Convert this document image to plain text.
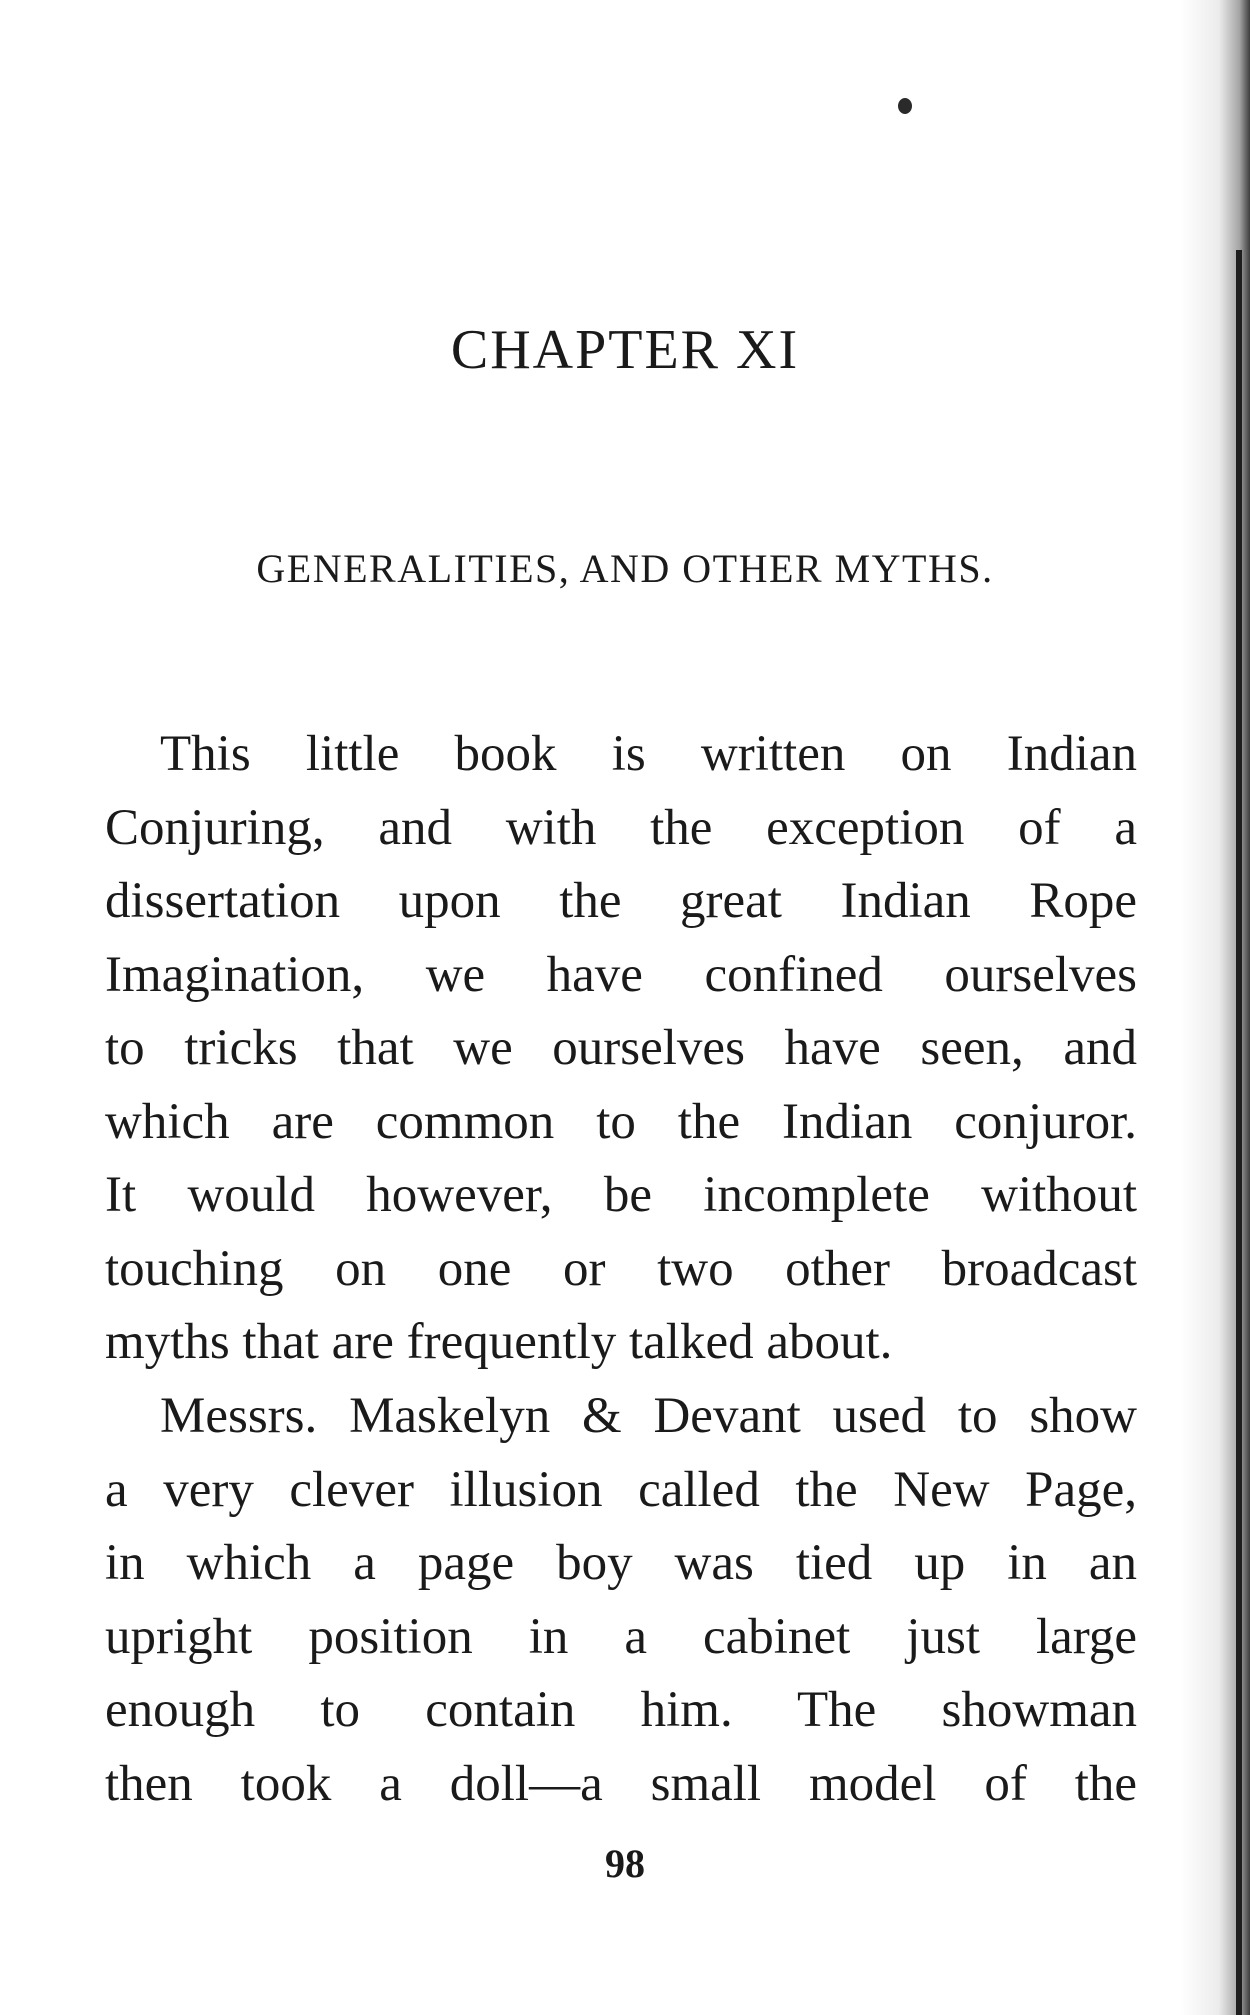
CHAPTER XI
GENERALITIES, AND OTHER MYTHS.
This little book is written on Indian
Conjuring, and with the exception of a
dissertation upon the great Indian Rope
Imagination, we have confined ourselves
to tricks that we ourselves have seen, and
which are common to the Indian conjuror.
It would however, be incomplete without
touching on one or two other broadcast
myths that are frequently talked about.
Messrs. Maskelyn & Devant used to show
a very clever illusion called the New Page,
in which a page boy was tied up in an
upright position in a cabinet just large
enough to contain him. The showman
then took a doll—a small model of the
98
